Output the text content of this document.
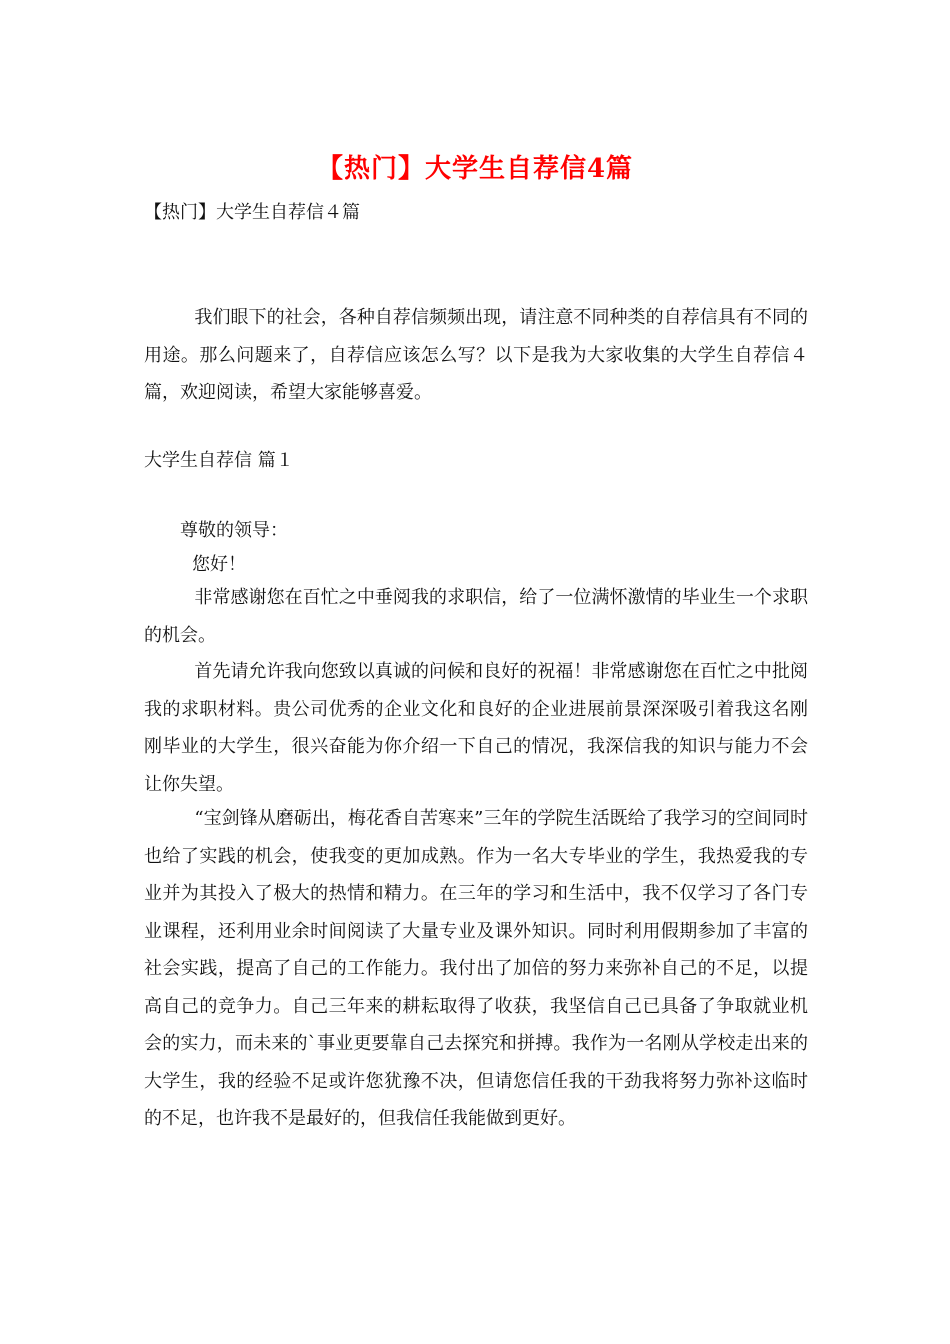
【热门】大学生自荐信4篇
【热门】大学生自荐信４篇
我们眼下的社会，各种自荐信频频出现，请注意不同种类的自荐信具有不同的用途。那么问题来了，自荐信应该怎么写？以下是我为大家收集的大学生自荐信４篇，欢迎阅读，希望大家能够喜爱。
大学生自荐信 篇１
尊敬的领导：
您好！
非常感谢您在百忙之中垂阅我的求职信，给了一位满怀激情的毕业生一个求职的机会。
首先请允许我向您致以真诚的问候和良好的祝福！非常感谢您在百忙之中批阅我的求职材料。贵公司优秀的企业文化和良好的企业进展前景深深吸引着我这名刚刚毕业的大学生，很兴奋能为你介绍一下自己的情况，我深信我的知识与能力不会让你失望。
“宝剑锋从磨砺出，梅花香自苦寒来”三年的学院生活既给了我学习的空间同时也给了实践的机会，使我变的更加成熟。作为一名大专毕业的学生，我热爱我的专业并为其投入了极大的热情和精力。在三年的学习和生活中，我不仅学习了各门专业课程，还利用业余时间阅读了大量专业及课外知识。同时利用假期参加了丰富的社会实践，提高了自己的工作能力。我付出了加倍的努力来弥补自己的不足，以提高自己的竞争力。自己三年来的耕耘取得了收获，我坚信自己已具备了争取就业机会的实力，而未来的`事业更要靠自己去探究和拼搏。我作为一名刚从学校走出来的大学生，我的经验不足或许您犹豫不决，但请您信任我的干劲我将努力弥补这临时的不足，也许我不是最好的，但我信任我能做到更好。
